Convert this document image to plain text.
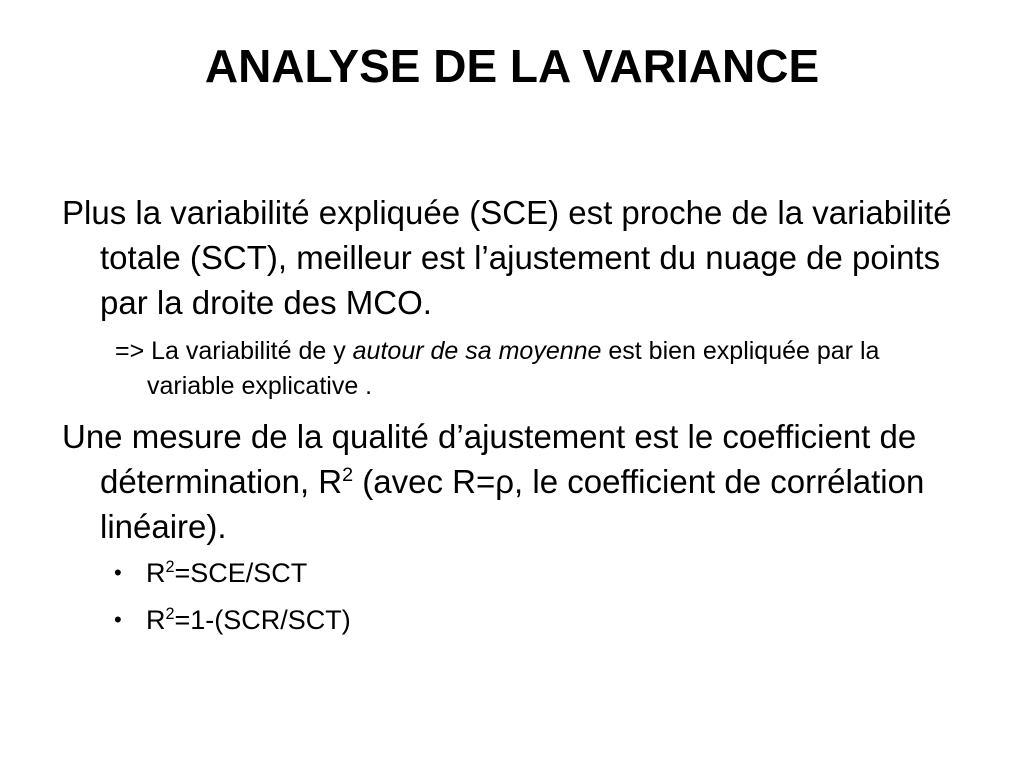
ANALYSE DE LA VARIANCE

Plus la variabilité expliquée (SCE) est proche de la variabilité totale (SCT), meilleur est l’ajustement du nuage de points par la droite des MCO.

=> La variabilité de y autour de sa moyenne est bien expliquée par la variable explicative .

Une mesure de la qualité d’ajustement est le coefficient de détermination, $R^2$ (avec R=ρ, le coefficient de corrélation linéaire).

• $R^2=SCE$/SCT
• $R^2=1-(SCR/SCT)$
